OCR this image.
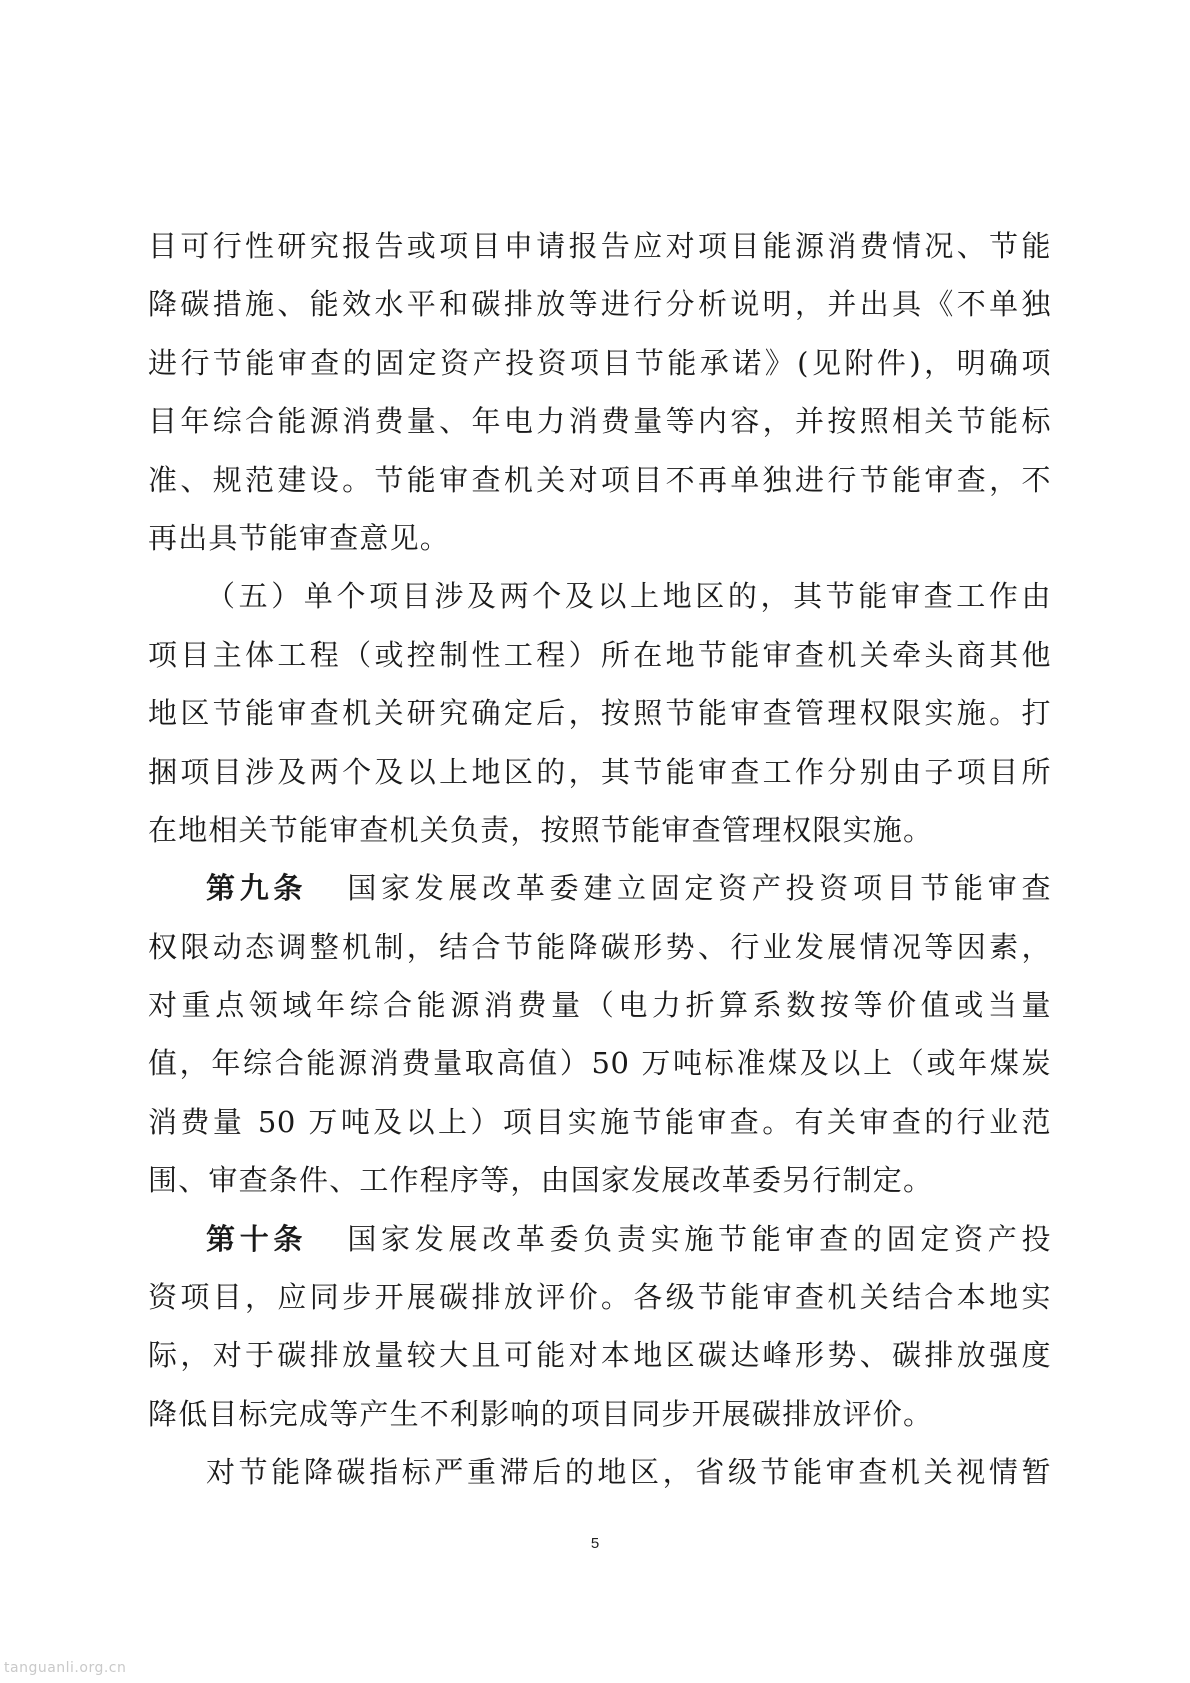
目可行性研究报告或项目申请报告应对项目能源消费情况、节能
降碳措施、能效水平和碳排放等进行分析说明，并出具《不单独
进行节能审查的固定资产投资项目节能承诺》(见附件)，明确项
目年综合能源消费量、年电力消费量等内容，并按照相关节能标
准、规范建设。节能审查机关对项目不再单独进行节能审查，不
再出具节能审查意见。
（五）单个项目涉及两个及以上地区的，其节能审查工作由
项目主体工程（或控制性工程）所在地节能审查机关牵头商其他
地区节能审查机关研究确定后，按照节能审查管理权限实施。打
捆项目涉及两个及以上地区的，其节能审查工作分别由子项目所
在地相关节能审查机关负责，按照节能审查管理权限实施。
第九条 国家发展改革委建立固定资产投资项目节能审查
权限动态调整机制，结合节能降碳形势、行业发展情况等因素，
对重点领域年综合能源消费量（电力折算系数按等价值或当量
值，年综合能源消费量取高值）50 万吨标准煤及以上（或年煤炭
消费量 50 万吨及以上）项目实施节能审查。有关审查的行业范
围、审查条件、工作程序等，由国家发展改革委另行制定。
第十条 国家发展改革委负责实施节能审查的固定资产投
资项目，应同步开展碳排放评价。各级节能审查机关结合本地实
际，对于碳排放量较大且可能对本地区碳达峰形势、碳排放强度
降低目标完成等产生不利影响的项目同步开展碳排放评价。
对节能降碳指标严重滞后的地区，省级节能审查机关视情暂
5
tanguanli.org.cn
